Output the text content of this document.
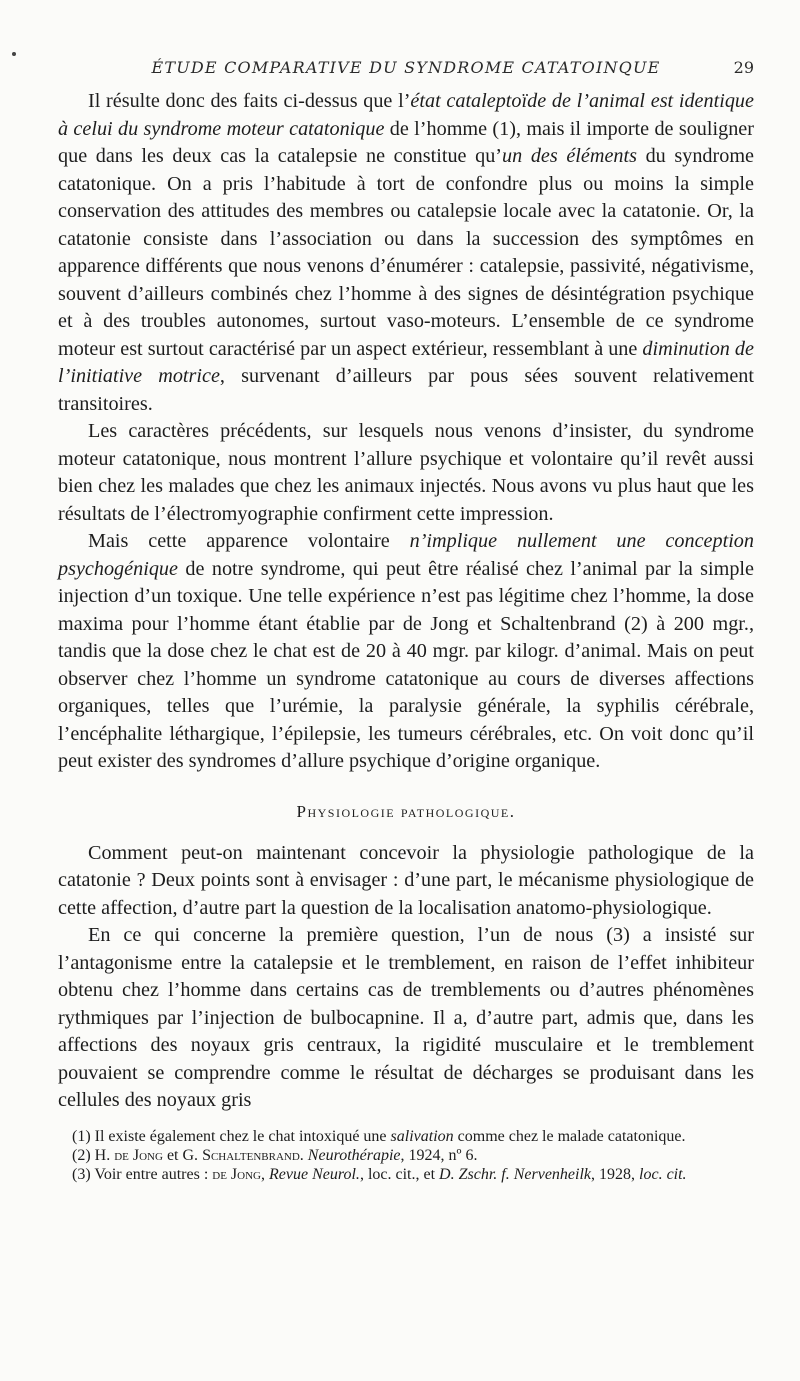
ÉTUDE COMPARATIVE DU SYNDROME CATATOINQUE	29

Il résulte donc des faits ci-dessus que l’état cataleptoïde de l’animal est identique à celui du syndrome moteur catatonique de l’homme (1), mais il importe de souligner que dans les deux cas la catalepsie ne constitue qu’un des éléments du syndrome catatonique. On a pris l’habitude à tort de confondre plus ou moins la simple conservation des attitudes des membres ou catalepsie locale avec la catatonie. Or, la catatonie consiste dans l’association ou dans la succession des symptômes en apparence différents que nous venons d’énumérer : catalepsie, passivité, négativisme, souvent d’ailleurs combinés chez l’homme à des signes de désintégration psychique et à des troubles autonomes, surtout vaso-moteurs. L’ensemble de ce syndrome moteur est surtout caractérisé par un aspect extérieur, ressemblant à une diminution de l’initiative motrice, survenant d’ailleurs par pous sées souvent relativement transitoires.

Les caractères précédents, sur lesquels nous venons d’insister, du syndrome moteur catatonique, nous montrent l’allure psychique et volontaire qu’il revêt aussi bien chez les malades que chez les animaux injectés. Nous avons vu plus haut que les résultats de l’électromyographie confirment cette impression.

Mais cette apparence volontaire n’implique nullement une conception psychogénique de notre syndrome, qui peut être réalisé chez l’animal par la simple injection d’un toxique. Une telle expérience n’est pas légitime chez l’homme, la dose maxima pour l’homme étant établie par de Jong et Schaltenbrand (2) à 200 mgr., tandis que la dose chez le chat est de 20 à 40 mgr. par kilogr. d’animal. Mais on peut observer chez l’homme un syndrome catatonique au cours de diverses affections organiques, telles que l’urémie, la paralysie générale, la syphilis cérébrale, l’encéphalite léthargique, l’épilepsie, les tumeurs cérébrales, etc. On voit donc qu’il peut exister des syndromes d’allure psychique d’origine organique.

Physiologie pathologique.

Comment peut-on maintenant concevoir la physiologie pathologique de la catatonie ? Deux points sont à envisager : d’une part, le mécanisme physiologique de cette affection, d’autre part la question de la localisation anatomo-physiologique.

En ce qui concerne la première question, l’un de nous (3) a insisté sur l’antagonisme entre la catalepsie et le tremblement, en raison de l’effet inhibiteur obtenu chez l’homme dans certains cas de tremblements ou d’autres phénomènes rythmiques par l’injection de bulbocapnine. Il a, d’autre part, admis que, dans les affections des noyaux gris centraux, la rigidité musculaire et le tremblement pouvaient se comprendre comme le résultat de décharges se produisant dans les cellules des noyaux gris

(1) Il existe également chez le chat intoxiqué une salivation comme chez le malade catatonique.

(2) H. de Jong et G. Schaltenbrand. Neurothérapie, 1924, nº 6.

(3) Voir entre autres : de Jong, Revue Neurol., loc. cit., et D. Zschr. f. Nervenheilk, 1928, loc. cit.
